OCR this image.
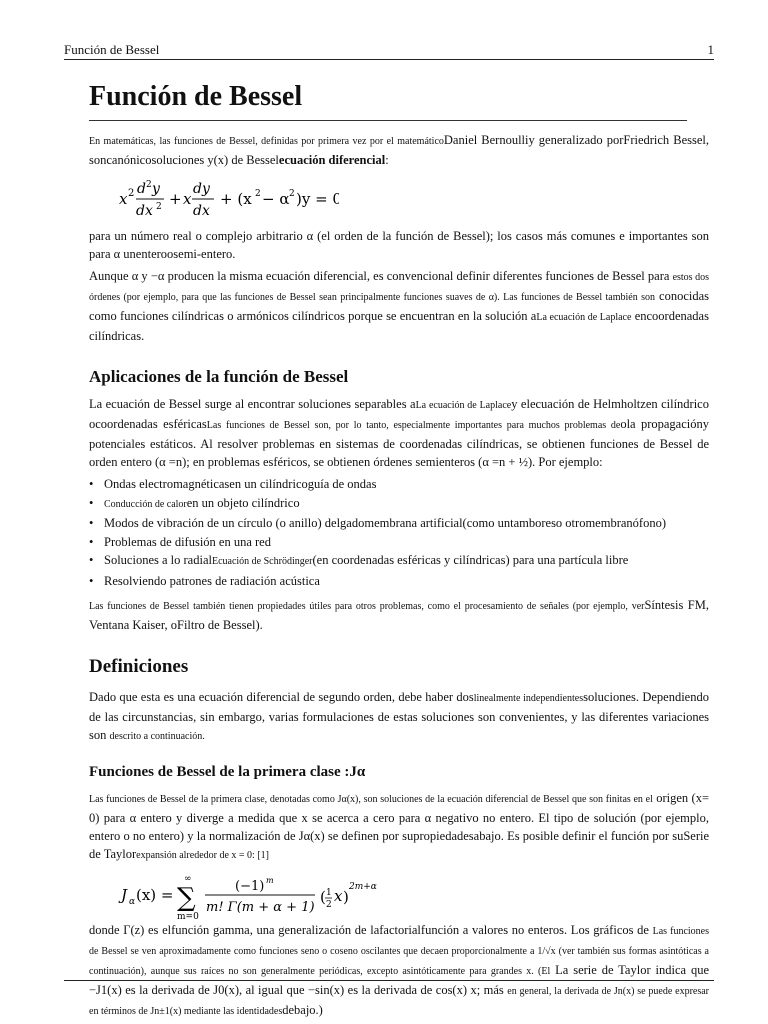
Función de Bessel	1
Función de Bessel

En matemáticas, las funciones de Bessel, definidas por primera vez por el matemáticoDaniel Bernoulliy generalizado porFriedrich Bessel, soncanónicosoluciones y(x) de Besselecuación diferencial:

x 2 d 2 y
dx 2 + x
dy
dx
+ (x 2 − α 2 )y = 0

para un número real o complejo arbitrario α (el orden de la función de Bessel); los casos más comunes e importantes son para α unenteroosemi-entero.

Aunque α y −α producen la misma ecuación diferencial, es convencional definir diferentes funciones de Bessel para estos dos órdenes (por ejemplo, para que las funciones de Bessel sean principalmente funciones suaves de α). Las funciones de Bessel también son conocidas como funciones cilíndricas o armónicos cilíndricos porque se encuentran en la solución aLa ecuación de Laplace encoordenadas cilíndricas.

Aplicaciones de la función de Bessel

La ecuación de Bessel surge al encontrar soluciones separables aLa ecuación de Laplacey elecuación de Helmholtzen cilíndrico ocoordenadas esféricasLas funciones de Bessel son, por lo tanto, especialmente importantes para muchos problemas deola propagacióny potenciales estáticos. Al resolver problemas en sistemas de coordenadas cilíndricas, se obtienen funciones de Bessel de orden entero (α =n); en problemas esféricos, se obtienen órdenes semienteros (α =n + ½). Por ejemplo:

• Ondas electromagnéticasen un cilíndricoguía de ondas
• Conducción de caloren un objeto cilíndrico
• Modos de vibración de un círculo (o anillo) delgadomembrana artificial(como untamboreso otromembranófono)
• Problemas de difusión en una red
• Soluciones a lo radialEcuación de Schrödinger(en coordenadas esféricas y cilíndricas) para una partícula libre
• Resolviendo patrones de radiación acústica

Las funciones de Bessel también tienen propiedades útiles para otros problemas, como el procesamiento de señales (por ejemplo, verSíntesis FM, Ventana Kaiser, oFiltro de Bessel).

Definiciones

Dado que esta es una ecuación diferencial de segundo orden, debe haber doslinealmente independientessoluciones. Dependiendo de las circunstancias, sin embargo, varias formulaciones de estas soluciones son convenientes, y las diferentes variaciones son descrito a continuación.

Funciones de Bessel de la primera clase :Jα

Las funciones de Bessel de la primera clase, denotadas como Jα(x), son soluciones de la ecuación diferencial de Bessel que son finitas en el origen (x= 0) para α entero y diverge a medida que x se acerca a cero para α negativo no entero. El tipo de solución (por ejemplo, entero o no entero) y la normalización de Jα(x) se definen por supropiedadesabajo. Es posible definir el función por suSerie de Taylorexpansión alrededor de x = 0: [1]

J α (x) =
∞
∑
m=0
(−1) m
m! Γ(m + α + 1)
( 1
2 x )
2m+α

donde Γ(z) es elfunción gamma, una generalización de lafactorialfunción a valores no enteros. Los gráficos de Las funciones de Bessel se ven aproximadamente como funciones seno o coseno oscilantes que decaen proporcionalmente a 1/√x (ver también sus formas asintóticas a continuación), aunque sus raíces no son generalmente periódicas, excepto asintóticamente para grandes x. (El La serie de Taylor indica que −J1(x) es la derivada de J0(x), al igual que −sin(x) es la derivada de cos(x) x; más en general, la derivada de Jn(x) se puede expresar en términos de Jn±1(x) mediante las identidadesdebajo.)
